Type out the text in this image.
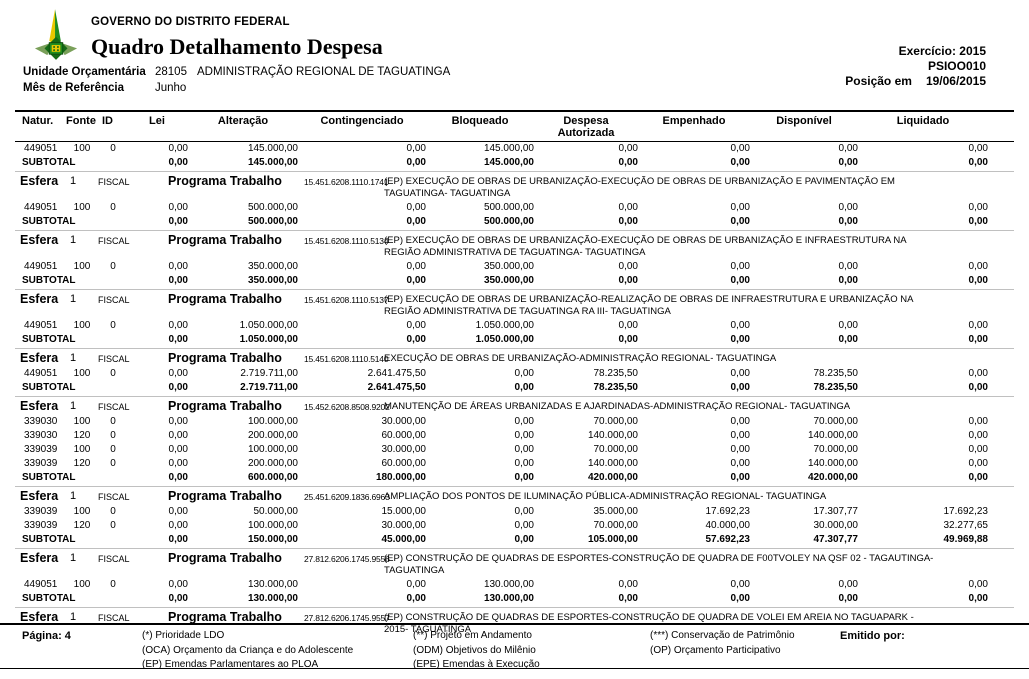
GOVERNO DO DISTRITO FEDERAL
Quadro Detalhamento Despesa	Exercício: 2015
PSIOO010
Posição em 19/06/2015
Unidade Orçamentária 28105 ADMINISTRAÇÃO REGIONAL DE TAGUATINGA
Mês de Referência	Junho
Natur.	Fonte ID	Lei	Alteração	Contingenciado	Bloqueado	Despesa Autorizada
Empenhado	Disponível	Liquidado
449051	100	0	0,00	145.000,00	0,00	145.000,00	0,00	0,00	0,00	0,00
SUBTOTAL	0,00	145.000,00	0,00	145.000,00	0,00	0,00	0,00	0,00
Esfera	1	FISCAL	Programa Trabalho	15.451.6208.1110.1741
(EP) EXECUÇÃO DE OBRAS DE URBANIZAÇÃO-EXECUÇÃO DE OBRAS DE URBANIZAÇÃO E PAVIMENTAÇÃO EM TAGUATINGA- TAGUATINGA
449051	100	0	0,00	500.000,00	0,00	500.000,00	0,00	0,00	0,00	0,00
SUBTOTAL	0,00	500.000,00	0,00	500.000,00	0,00	0,00	0,00	0,00
Esfera	1	FISCAL	Programa Trabalho	15.451.6208.1110.5134
(EP) EXECUÇÃO DE OBRAS DE URBANIZAÇÃO-EXECUÇÃO DE OBRAS DE URBANIZAÇÃO E INFRAESTRUTURA NA REGIÃO ADMINISTRATIVA DE TAGUATINGA- TAGUATINGA
449051	100	0	0,00	350.000,00	0,00	350.000,00	0,00	0,00	0,00	0,00
SUBTOTAL	0,00	350.000,00	0,00	350.000,00	0,00	0,00	0,00	0,00
Esfera	1	FISCAL	Programa Trabalho	15.451.6208.1110.5137
(EP) EXECUÇÃO DE OBRAS DE URBANIZAÇÃO-REALIZAÇÃO DE OBRAS DE INFRAESTRUTURA E URBANIZAÇÃO NA REGIÃO ADMINISTRATIVA DE TAGUATINGA RA III- TAGUATINGA
449051	100	0	0,00	1.050.000,00	0,00	1.050.000,00	0,00	0,00	0,00	0,00
SUBTOTAL	0,00	1.050.000,00	0,00	1.050.000,00	0,00	0,00	0,00	0,00
Esfera	1	FISCAL	Programa Trabalho	15.451.6208.1110.5140
EXECUÇÃO DE OBRAS DE URBANIZAÇÃO-ADMINISTRAÇÃO REGIONAL- TAGUATINGA
449051	100	0	0,00	2.719.711,00	2.641.475,50	0,00	78.235,50	0,00	78.235,50	0,00
SUBTOTAL	0,00	2.719.711,00	2.641.475,50	0,00	78.235,50	0,00	78.235,50	0,00
Esfera	1	FISCAL	Programa Trabalho	15.452.6208.8508.9202
MANUTENÇÃO DE ÁREAS URBANIZADAS E AJARDINADAS-ADMINISTRAÇÃO REGIONAL- TAGUATINGA
339030	100	0	0,00	100.000,00	30.000,00	0,00	70.000,00	0,00	70.000,00	0,00
339030	120	0	0,00	200.000,00	60.000,00	0,00	140.000,00	0,00	140.000,00	0,00
339039	100	0	0,00	100.000,00	30.000,00	0,00	70.000,00	0,00	70.000,00	0,00
339039	120	0	0,00	200.000,00	60.000,00	0,00	140.000,00	0,00	140.000,00	0,00
SUBTOTAL	0,00	600.000,00	180.000,00	0,00	420.000,00	0,00	420.000,00	0,00
Esfera	1	FISCAL	Programa Trabalho	25.451.6209.1836.6963
AMPLIAÇÃO DOS PONTOS DE ILUMINAÇÃO PÚBLICA-ADMINISTRAÇÃO REGIONAL- TAGUATINGA
339039	100	0	0,00	50.000,00	15.000,00	0,00	35.000,00	17.692,23	17.307,77	17.692,23
339039	120	0	0,00	100.000,00	30.000,00	0,00	70.000,00	40.000,00	30.000,00	32.277,65
SUBTOTAL	0,00	150.000,00	45.000,00	0,00	105.000,00	57.692,23	47.307,77	49.969,88
Esfera	1	FISCAL	Programa Trabalho	27.812.6206.1745.9556
(EP) CONSTRUÇÃO DE QUADRAS DE ESPORTES-CONSTRUÇÃO DE QUADRA DE F00TVOLEY NA QSF 02 - TAGAUTINGA- TAGUATINGA
449051	100	0	0,00	130.000,00	0,00	130.000,00	0,00	0,00	0,00	0,00
SUBTOTAL	0,00	130.000,00	0,00	130.000,00	0,00	0,00	0,00	0,00
Esfera	1	FISCAL	Programa Trabalho	27.812.6206.1745.9557
(EP) CONSTRUÇÃO DE QUADRAS DE ESPORTES-CONSTRUÇÃO DE QUADRA DE VOLEI EM AREIA NO TAGUAPARK - 2015- TAGUATINGA
Página: 4	(*) Prioridade LDO
(OCA) Orçamento da Criança e do Adolescente
(EP) Emendas Parlamentares ao PLOA
(**) Projeto em Andamento
(ODM) Objetivos do Milênio
(EPE) Emendas à Execução
(***) Conservação de Patrimônio
(OP) Orçamento Participativo
Emitido por:
